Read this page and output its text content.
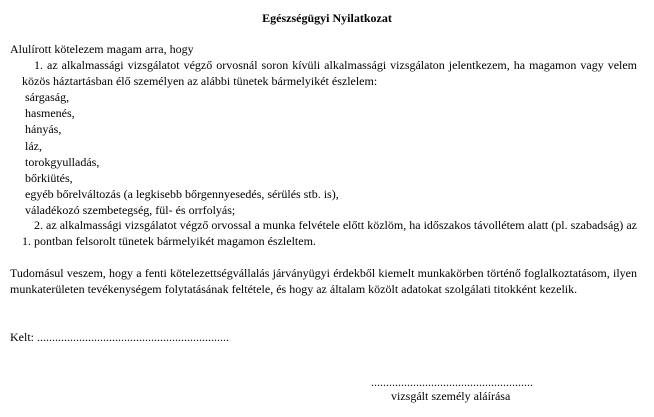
Egészségügyi Nyilatkozat
Alulírott kötelezem magam arra, hogy
1. az alkalmassági vizsgálatot végző orvosnál soron kívüli alkalmassági vizsgálaton jelentkezem, ha magamon vagy velem közös háztartásban élő személyen az alábbi tünetek bármelyikét észlelem:
sárgaság,
hasmenés,
hányás,
láz,
torokgyulladás,
bőrkiütés,
egyéb bőrelváltozás (a legkisebb bőrgennyesedés, sérülés stb. is),
váladékozó szembetegség, fül- és orrfolyás;
2. az alkalmassági vizsgálatot végző orvossal a munka felvétele előtt közlöm, ha időszakos távollétem alatt (pl. szabadság) az 1. pontban felsorolt tünetek bármelyikét magamon észleltem.
Tudomásul veszem, hogy a fenti kötelezettségvállalás járványügyi érdekből kiemelt munkakörben történő foglalkoztatásom, ilyen munkaterületen tevékenységem folytatásának feltétele, és hogy az általam közölt adatokat szolgálati titokként kezelik.
Kelt: ................................................................
......................................................
vizsgált személy aláírása
